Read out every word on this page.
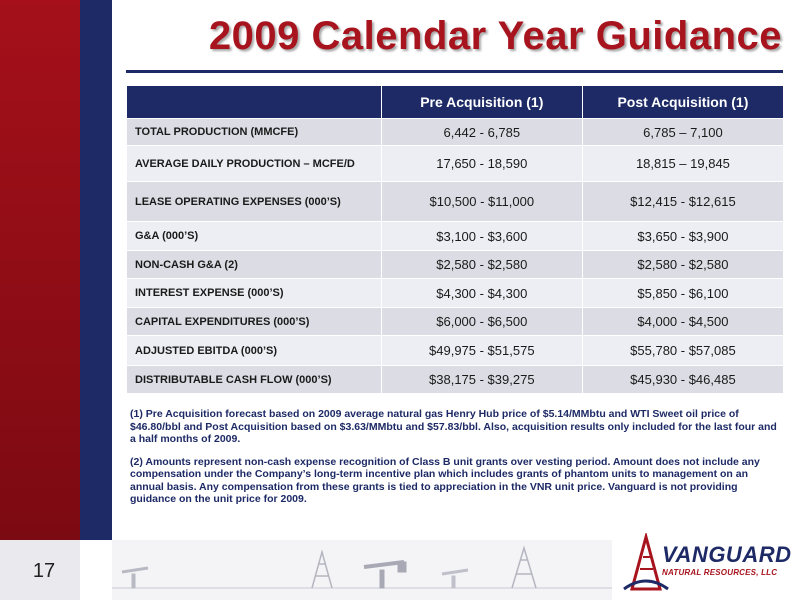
17
2009 Calendar Year Guidance
	Pre Acquisition (1)	Post Acquisition (1)
TOTAL PRODUCTION (MMCFE)	6,442 - 6,785	6,785 – 7,100
AVERAGE DAILY PRODUCTION – MCFE/D	17,650 - 18,590	18,815 – 19,845
LEASE OPERATING EXPENSES (000’S)	$10,500 - $11,000	$12,415 - $12,615
G&A (000’S)	$3,100 - $3,600	$3,650 - $3,900
NON-CASH G&A (2)	$2,580 - $2,580	$2,580 - $2,580
INTEREST EXPENSE (000’S)	$4,300 - $4,300	$5,850 - $6,100
CAPITAL EXPENDITURES (000’S)	$6,000 - $6,500	$4,000 - $4,500
ADJUSTED EBITDA (000’S)	$49,975 - $51,575	$55,780 - $57,085
DISTRIBUTABLE CASH FLOW (000’S)	$38,175 - $39,275	$45,930 - $46,485

(1) Pre Acquisition forecast based on 2009 average natural gas Henry Hub price of $5.14/MMbtu and WTI Sweet oil price of $46.80/bbl and Post Acquisition based on $3.63/MMbtu and $57.83/bbl. Also, acquisition results only included for the last four and a half months of 2009.

(2) Amounts represent non-cash expense recognition of Class B unit grants over vesting period. Amount does not include any compensation under the Company’s long-term incentive plan which includes grants of phantom units to management on an annual basis. Any compensation from these grants is tied to appreciation in the VNR unit price. Vanguard is not providing guidance on the unit price for 2009.

VANGUARD
NATURAL RESOURCES, LLC
